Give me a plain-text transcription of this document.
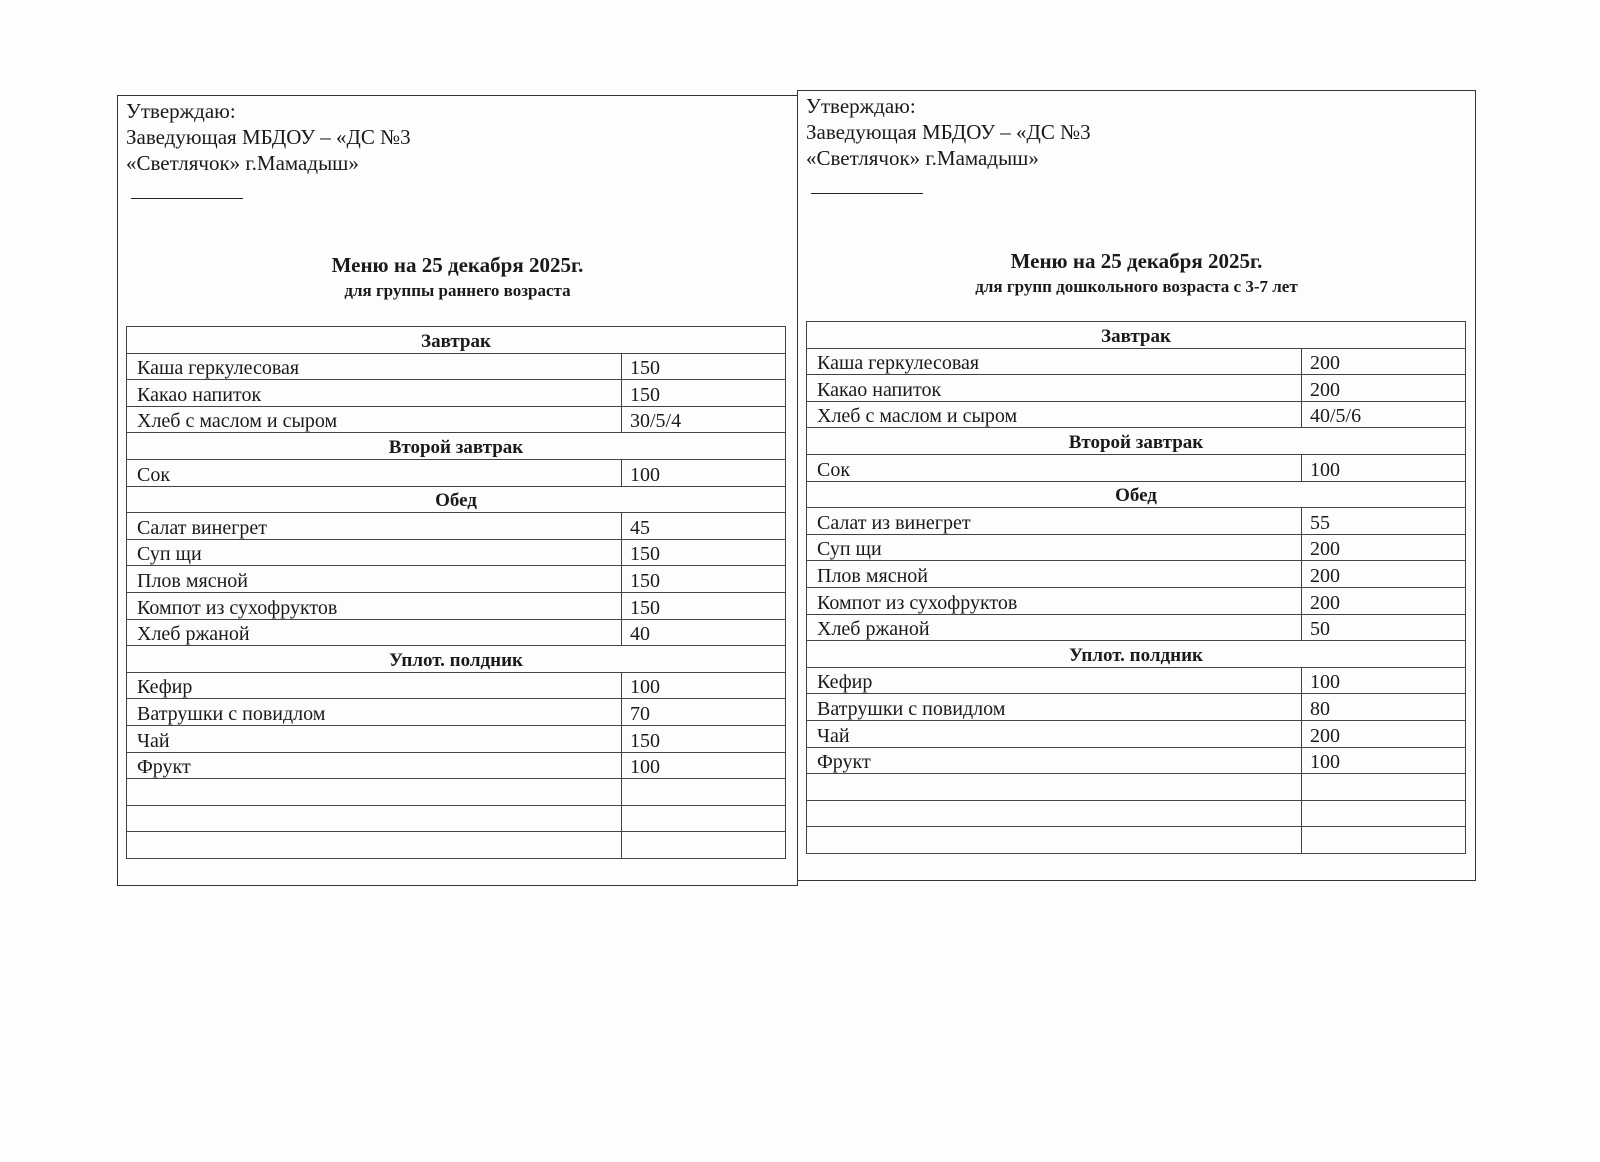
Утверждаю:
Заведующая МБДОУ – «ДС №3
«Светлячок» г.Мамадыш»
Меню на 25 декабря 2025г.
для группы раннего возраста
Завтрак	
Каша геркулесовая	150
Какао напиток	150
Хлеб с маслом и сыром	30/5/4
Второй завтрак	
Сок	100
Обед	
Салат винегрет	45
Суп щи	150
Плов мясной	150
Компот из сухофруктов	150
Хлеб ржаной	40
Уплот. полдник	
Кефир	100
Ватрушки с повидлом	70
Чай	150
Фрукт	100

Утверждаю:
Заведующая МБДОУ – «ДС №3
«Светлячок» г.Мамадыш»
Меню на 25 декабря 2025г.
для групп дошкольного возраста с 3-7 лет
Завтрак	
Каша геркулесовая	200
Какао напиток	200
Хлеб с маслом и сыром	40/5/6
Второй завтрак	
Сок	100
Обед	
Салат из винегрет	55
Суп щи	200
Плов мясной	200
Компот из сухофруктов	200
Хлеб ржаной	50
Уплот. полдник	
Кефир	100
Ватрушки с повидлом	80
Чай	200
Фрукт	100
